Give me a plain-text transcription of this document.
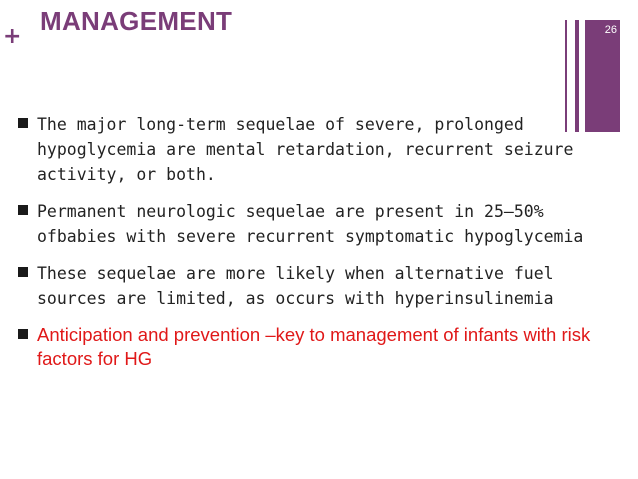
+
MANAGEMENT	26
The major long-term sequelae of severe, prolonged hypoglycemia are mental retardation, recurrent seizure activity, or both.
Permanent neurologic sequelae are present in 25–50% ofbabies with severe recurrent symptomatic hypoglycemia
These sequelae are more likely when alternative fuel sources are limited, as occurs with hyperinsulinemia
Anticipation and prevention –key to management of infants with risk factors for HG
